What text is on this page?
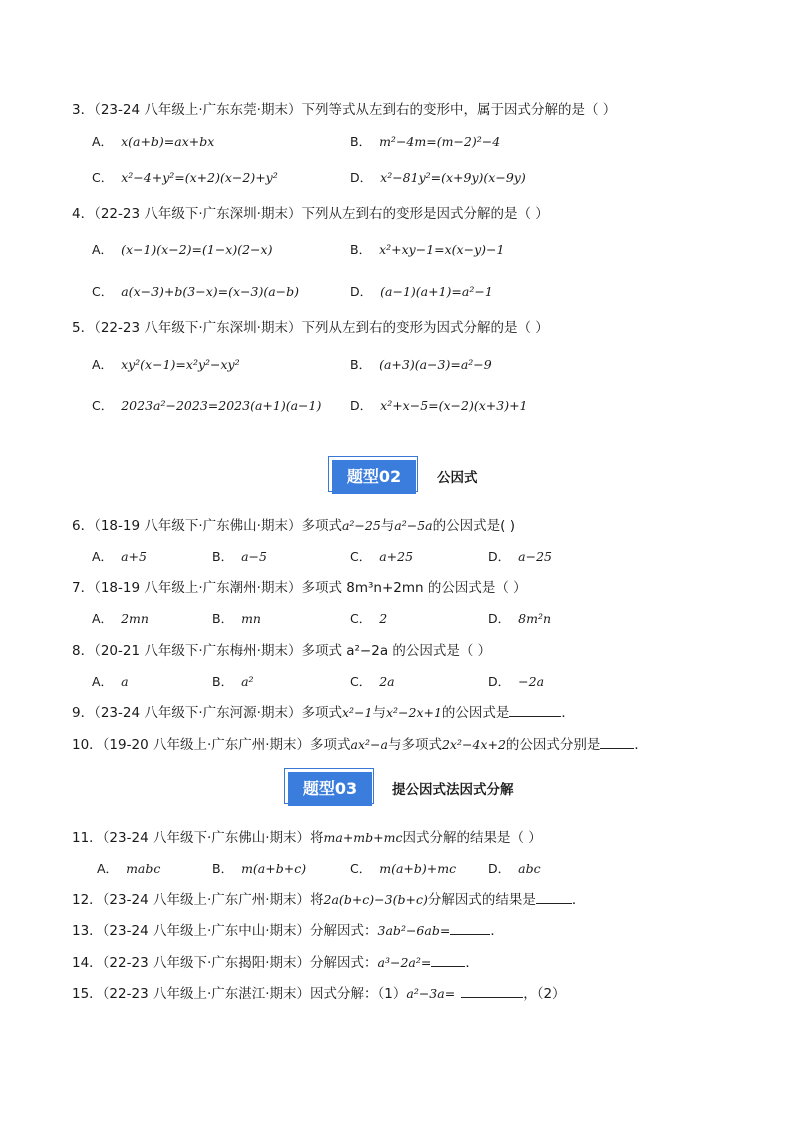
3．（23-24 八年级上·广东东莞·期末）下列等式从左到右的变形中，属于因式分解的是（ ）
A． x(a+b)=ax+bx	B． m²−4m=(m−2)²−4
C． x²−4+y²=(x+2)(x−2)+y²	D． x²−81y²=(x+9y)(x−9y)
4．（22-23 八年级下·广东深圳·期末）下列从左到右的变形是因式分解的是（ ）
A． (x−1)(x−2)=(1−x)(2−x)	B． x²+xy−1=x(x−y)−1
C． a(x−3)+b(3−x)=(x−3)(a−b)	D． (a−1)(a+1)=a²−1
5．（22-23 八年级下·广东深圳·期末）下列从左到右的变形为因式分解的是（ ）
A． xy²(x−1)=x²y²−xy²	B． (a+3)(a−3)=a²−9
C． 2023a²−2023=2023(a+1)(a−1) D． x²+x−5=(x−2)(x+3)+1
题型02	公因式
6．（18-19 八年级下·广东佛山·期末）多项式a²−25与a²−5a的公因式是( )
A． a+5	B． a−5	C． a+25	D． a−25
7．（18-19 八年级上·广东潮州·期末）多项式 8m³n+2mn 的公因式是（ ）
A． 2mn	B． mn	C． 2	D． 8m²n
8．（20-21 八年级下·广东梅州·期末）多项式 a²−2a 的公因式是（ ）
A． a	B． a²	C． 2a	D． −2a
9．（23-24 八年级下·广东河源·期末）多项式x²−1与x²−2x+1的公因式是	．
10．（19-20 八年级上·广东广州·期末）多项式ax²−a与多项式2x²−4x+2的公因式分别是	．
题型03	提公因式法因式分解
11．（23-24 八年级下·广东佛山·期末）将ma+mb+mc因式分解的结果是（ ）
A． mabc	B． m(a+b+c)	C． m(a+b)+mc	D． abc
12．（23-24 八年级上·广东广州·期末）将2a(b+c)−3(b+c)分解因式的结果是	．
13．（23-24 八年级上·广东中山·期末）分解因式：3ab²−6ab=	．
14．（22-23 八年级下·广东揭阳·期末）分解因式：a³−2a²=	．
15．（22-23 八年级上·广东湛江·期末）因式分解：（1）a²−3a=	，（2）
